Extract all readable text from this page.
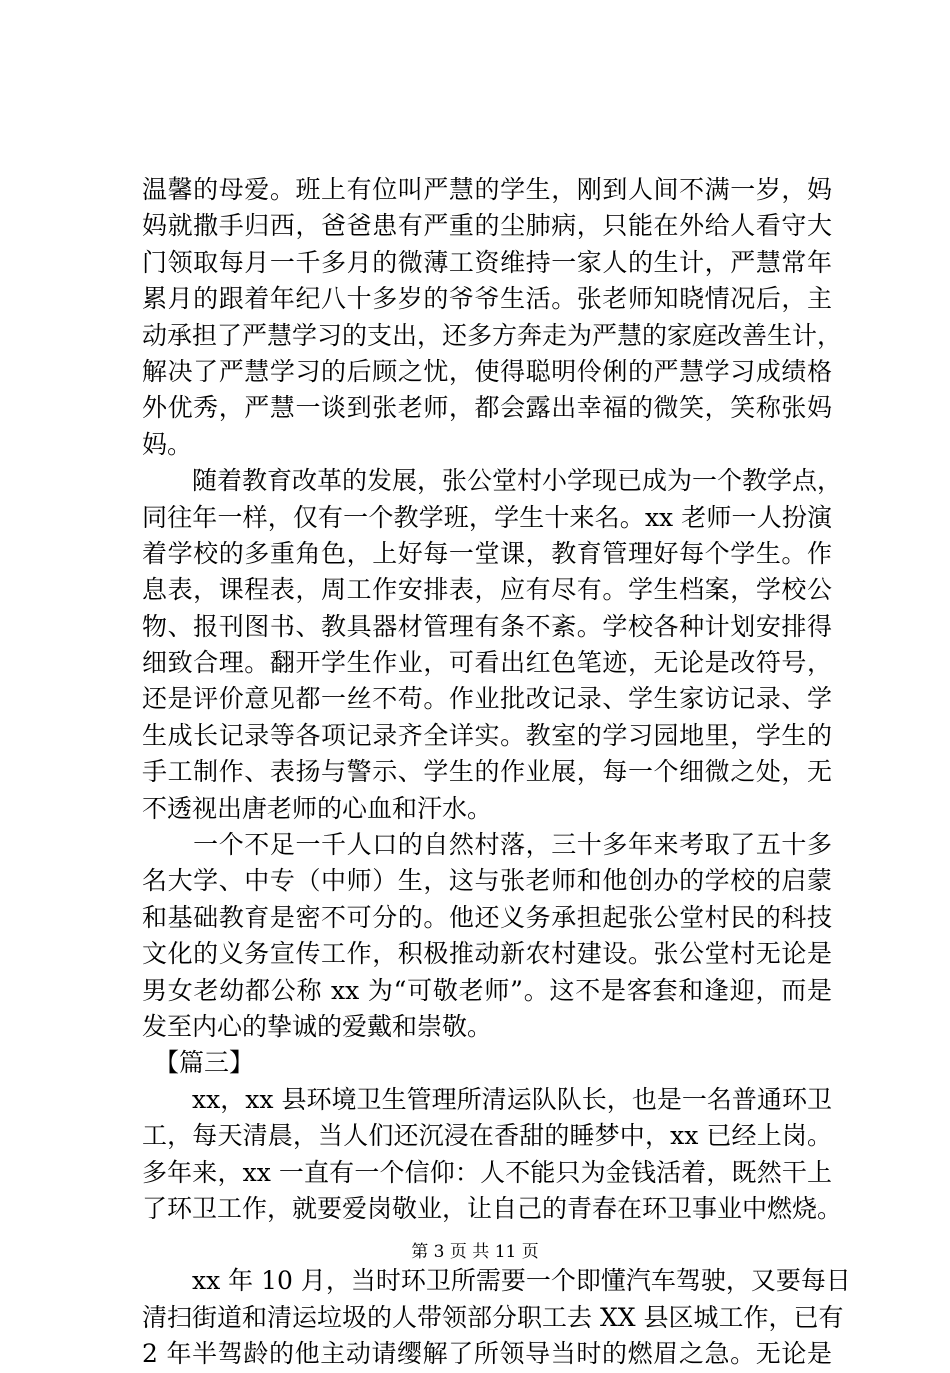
温馨的母爱。班上有位叫严慧的学生，刚到人间不满一岁，妈
妈就撒手归西，爸爸患有严重的尘肺病，只能在外给人看守大
门领取每月一千多月的微薄工资维持一家人的生计，严慧常年
累月的跟着年纪八十多岁的爷爷生活。张老师知晓情况后，主
动承担了严慧学习的支出，还多方奔走为严慧的家庭改善生计，
解决了严慧学习的后顾之忧，使得聪明伶俐的严慧学习成绩格
外优秀，严慧一谈到张老师，都会露出幸福的微笑，笑称张妈
妈。
　　随着教育改革的发展，张公堂村小学现已成为一个教学点，
同往年一样，仅有一个教学班，学生十来名。xx 老师一人扮演
着学校的多重角色，上好每一堂课，教育管理好每个学生。作
息表，课程表，周工作安排表，应有尽有。学生档案，学校公
物、报刊图书、教具器材管理有条不紊。学校各种计划安排得
细致合理。翻开学生作业，可看出红色笔迹，无论是改符号，
还是评价意见都一丝不苟。作业批改记录、学生家访记录、学
生成长记录等各项记录齐全详实。教室的学习园地里，学生的
手工制作、表扬与警示、学生的作业展，每一个细微之处，无
不透视出唐老师的心血和汗水。
　　一个不足一千人口的自然村落，三十多年来考取了五十多
名大学、中专（中师）生，这与张老师和他创办的学校的启蒙
和基础教育是密不可分的。他还义务承担起张公堂村民的科技
文化的义务宣传工作，积极推动新农村建设。张公堂村无论是
男女老幼都公称 xx 为“可敬老师”。这不是客套和逢迎，而是
发至内心的挚诚的爱戴和崇敬。
【篇三】
　　xx，xx 县环境卫生管理所清运队队长，也是一名普通环卫
工，每天清晨，当人们还沉浸在香甜的睡梦中，xx 已经上岗。
多年来，xx 一直有一个信仰：人不能只为金钱活着，既然干上
了环卫工作，就要爱岗敬业，让自己的青春在环卫事业中燃烧。
　　xx 年 10 月，当时环卫所需要一个即懂汽车驾驶，又要每日
清扫街道和清运垃圾的人带领部分职工去 XX 县区城工作，已有
2 年半驾龄的他主动请缨解了所领导当时的燃眉之急。无论是
第 3 页 共 11 页
